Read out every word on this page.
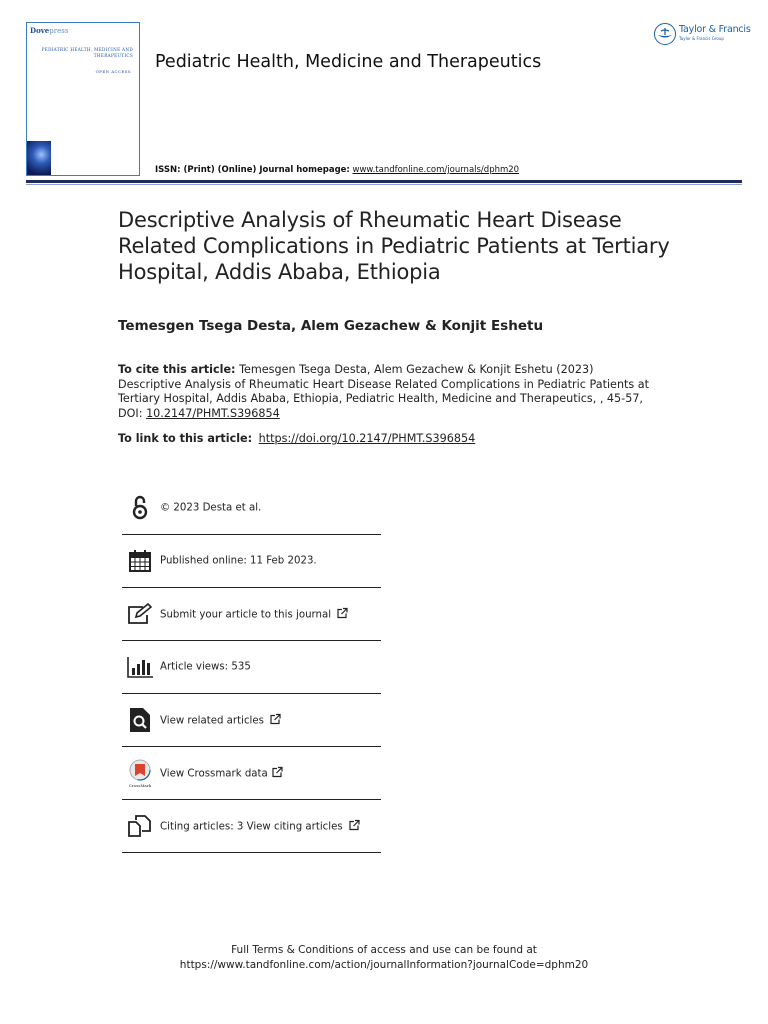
Dovepress
PEDIATRIC HEALTH, MEDICINE AND THERAPEUTICS
OPEN ACCESS Pediatric Health, Medicine and Therapeutics
ISSN: (Print) (Online) Journal homepage: www.tandfonline.com/journals/dphm20
Taylor & Francis
Taylor & Francis Group
Descriptive Analysis of Rheumatic Heart Disease Related Complications in Pediatric Patients at Tertiary Hospital, Addis Ababa, Ethiopia
Temesgen Tsega Desta, Alem Gezachew & Konjit Eshetu
To cite this article: Temesgen Tsega Desta, Alem Gezachew & Konjit Eshetu (2023) Descriptive Analysis of Rheumatic Heart Disease Related Complications in Pediatric Patients at Tertiary Hospital, Addis Ababa, Ethiopia, Pediatric Health, Medicine and Therapeutics, , 45-57, DOI: 10.2147/PHMT.S396854
To link to this article: https://doi.org/10.2147/PHMT.S396854
© 2023 Desta et al.
Published online: 11 Feb 2023.
Submit your article to this journal
Article views: 535
View related articles
CrossMark
View Crossmark data
Citing articles: 3 View citing articles
Full Terms & Conditions of access and use can be found at
https://www.tandfonline.com/action/journalInformation?journalCode=dphm20
